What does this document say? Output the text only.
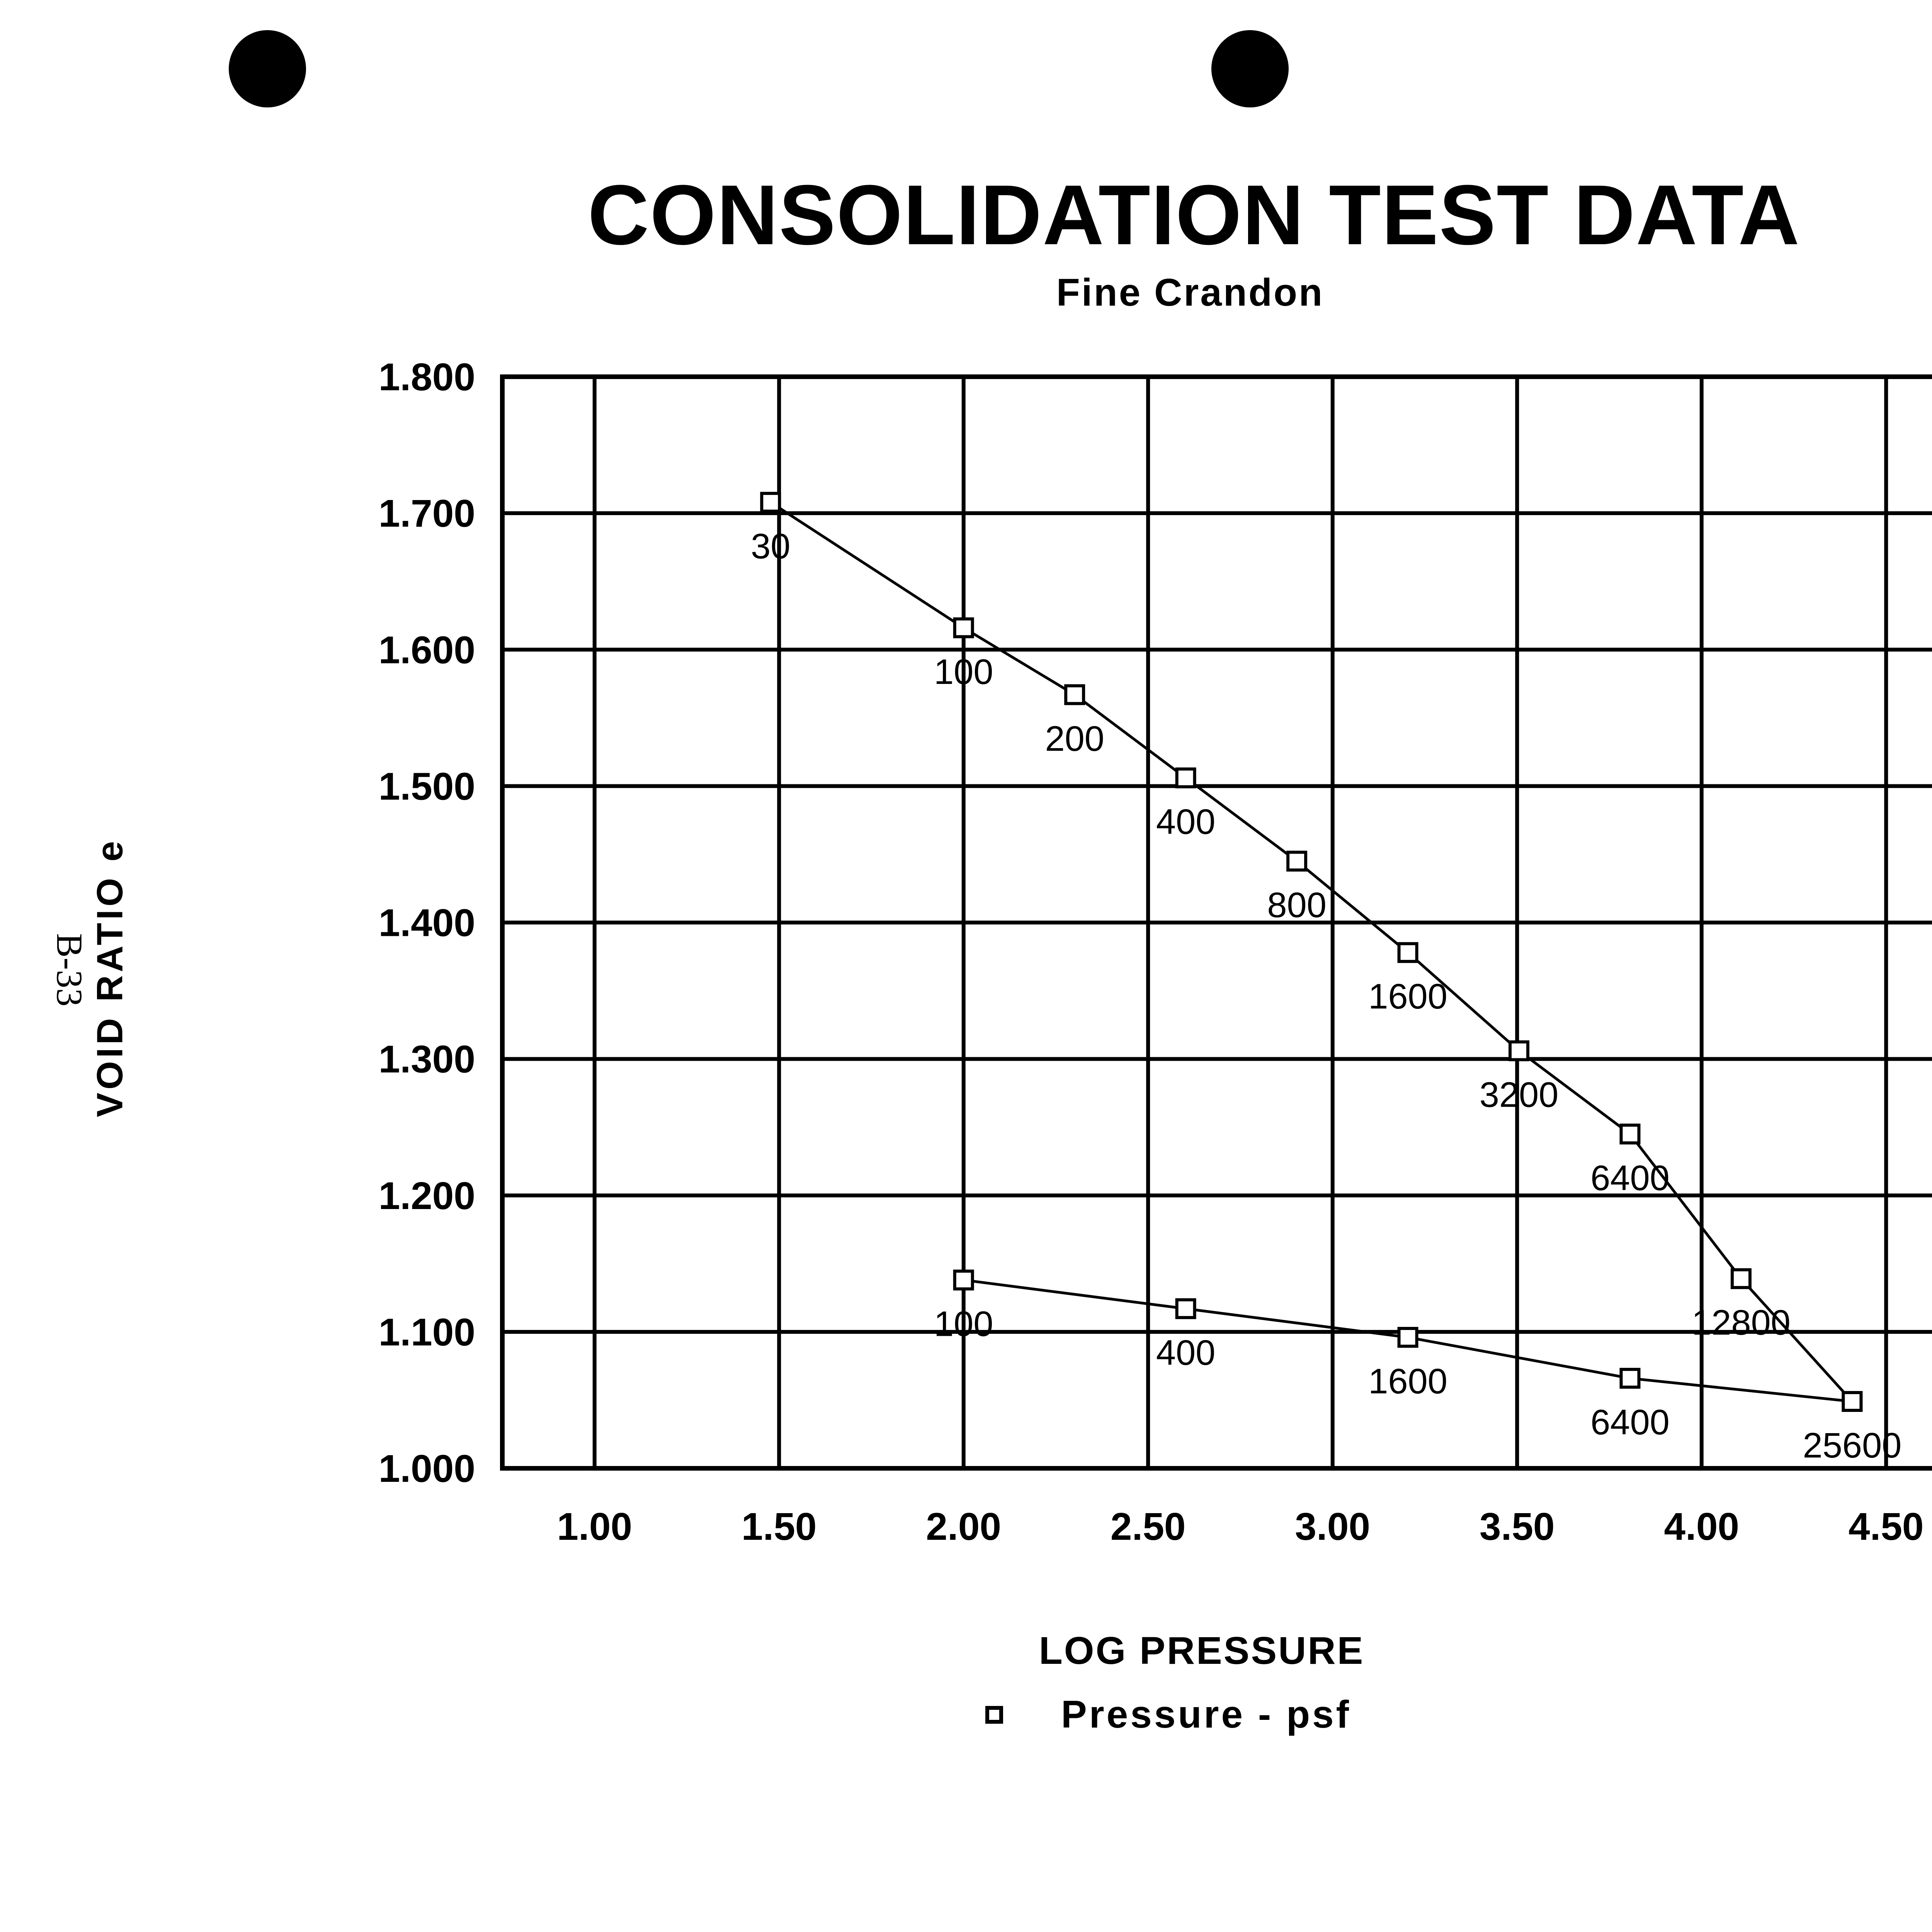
CONSOLIDATION TEST DATA
Fine Crandon
VOID RATIO e
B-33
1.00	1.50	2.00	2.50	3.00	3.50	4.00	4.50
1.000
1.100
1.200
1.300
1.400
1.500
1.600
1.700
1.800
30
100
200
400
800
1600
3200
6400
12800
25600
100
400
1600
6400
LOG PRESSURE
Pressure - psf
